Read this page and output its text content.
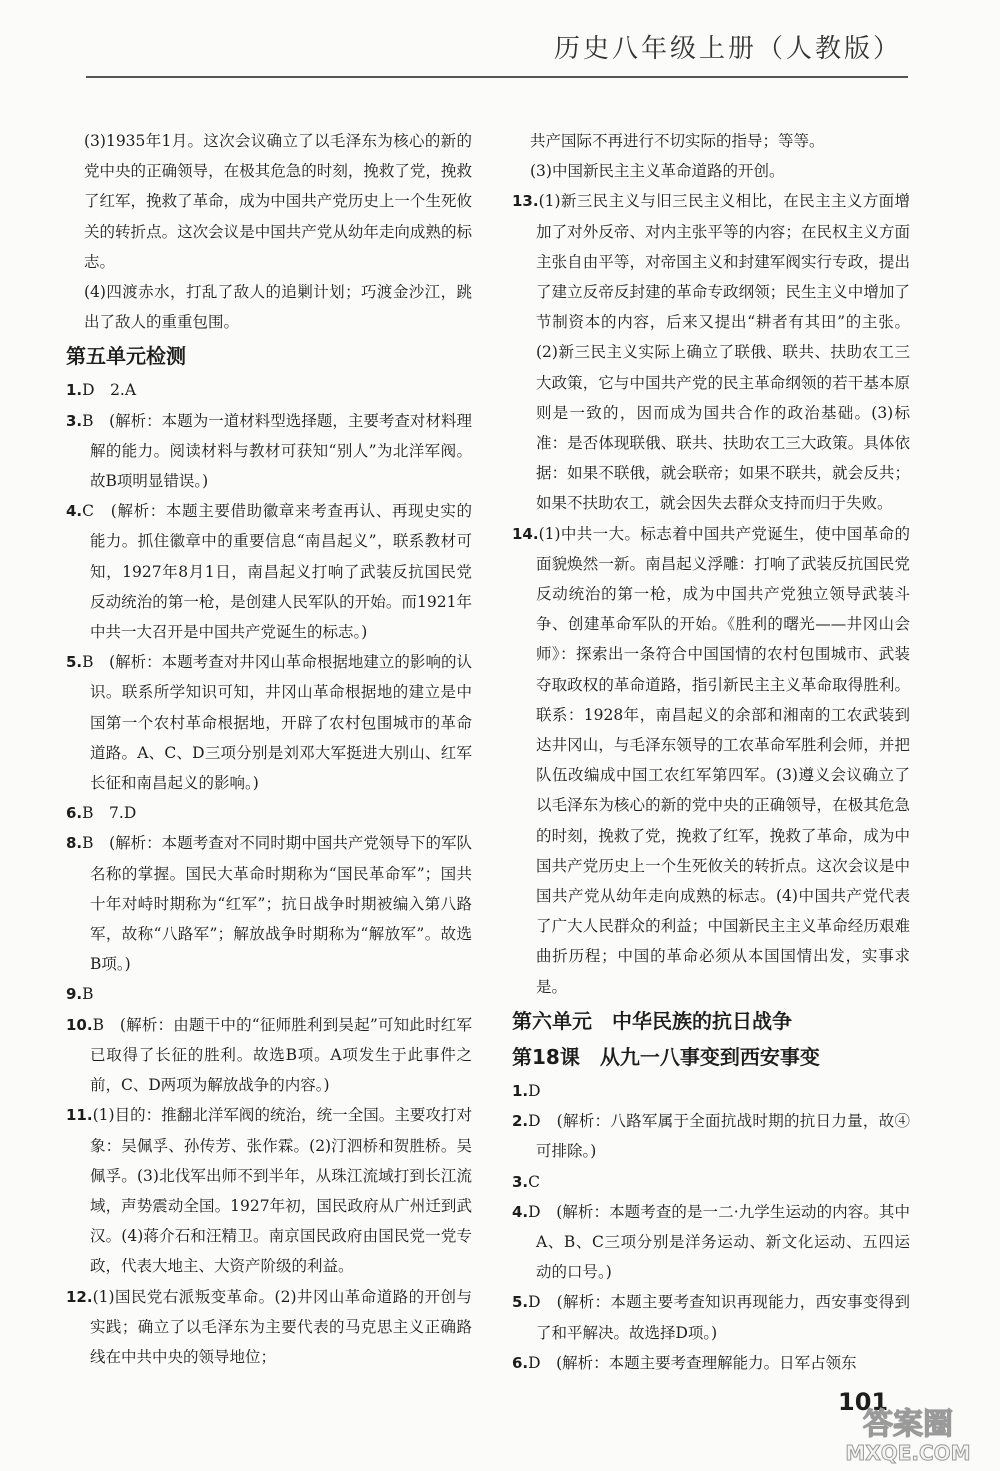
历史八年级上册（人教版）

(3)1935年1月。这次会议确立了以毛泽东为核心的新的党中央的正确领导，在极其危急的时刻，挽救了党，挽救了红军，挽救了革命，成为中国共产党历史上一个生死攸关的转折点。这次会议是中国共产党从幼年走向成熟的标志。

(4)四渡赤水，打乱了敌人的追剿计划；巧渡金沙江，跳出了敌人的重重包围。

第五单元检测

1.D　2.A

3.B　(解析：本题为一道材料型选择题，主要考查对材料理解的能力。阅读材料与教材可获知“别人”为北洋军阀。故B项明显错误。)

4.C　(解析：本题主要借助徽章来考查再认、再现史实的能力。抓住徽章中的重要信息“南昌起义”，联系教材可知，1927年8月1日，南昌起义打响了武装反抗国民党反动统治的第一枪，是创建人民军队的开始。而1921年中共一大召开是中国共产党诞生的标志。)

5.B　(解析：本题考查对井冈山革命根据地建立的影响的认识。联系所学知识可知，井冈山革命根据地的建立是中国第一个农村革命根据地，开辟了农村包围城市的革命道路。A、C、D三项分别是刘邓大军挺进大别山、红军长征和南昌起义的影响。)

6.B　7.D

8.B　(解析：本题考查对不同时期中国共产党领导下的军队名称的掌握。国民大革命时期称为“国民革命军”；国共十年对峙时期称为“红军”；抗日战争时期被编入第八路军，故称“八路军”；解放战争时期称为“解放军”。故选B项。)

9.B

10.B　(解析：由题干中的“征师胜利到吴起”可知此时红军已取得了长征的胜利。故选B项。A项发生于此事件之前，C、D两项为解放战争的内容。)

11.(1)目的：推翻北洋军阀的统治，统一全国。主要攻打对象：吴佩孚、孙传芳、张作霖。(2)汀泗桥和贺胜桥。吴佩孚。(3)北伐军出师不到半年，从珠江流域打到长江流域，声势震动全国。1927年初，国民政府从广州迁到武汉。(4)蒋介石和汪精卫。南京国民政府由国民党一党专政，代表大地主、大资产阶级的利益。

12.(1)国民党右派叛变革命。(2)井冈山革命道路的开创与实践；确立了以毛泽东为主要代表的马克思主义正确路线在中共中央的领导地位；

共产国际不再进行不切实际的指导；等等。

(3)中国新民主主义革命道路的开创。

13.(1)新三民主义与旧三民主义相比，在民主主义方面增加了对外反帝、对内主张平等的内容；在民权主义方面主张自由平等，对帝国主义和封建军阀实行专政，提出了建立反帝反封建的革命专政纲领；民生主义中增加了节制资本的内容，后来又提出“耕者有其田”的主张。(2)新三民主义实际上确立了联俄、联共、扶助农工三大政策，它与中国共产党的民主革命纲领的若干基本原则是一致的，因而成为国共合作的政治基础。(3)标准：是否体现联俄、联共、扶助农工三大政策。具体依据：如果不联俄，就会联帝；如果不联共，就会反共；如果不扶助农工，就会因失去群众支持而归于失败。

14.(1)中共一大。标志着中国共产党诞生，使中国革命的面貌焕然一新。南昌起义浮雕：打响了武装反抗国民党反动统治的第一枪，成为中国共产党独立领导武装斗争、创建革命军队的开始。《胜利的曙光——井冈山会师》：探索出一条符合中国国情的农村包围城市、武装夺取政权的革命道路，指引新民主主义革命取得胜利。联系：1928年，南昌起义的余部和湘南的工农武装到达井冈山，与毛泽东领导的工农革命军胜利会师，并把队伍改编成中国工农红军第四军。(3)遵义会议确立了以毛泽东为核心的新的党中央的正确领导，在极其危急的时刻，挽救了党，挽救了红军，挽救了革命，成为中国共产党历史上一个生死攸关的转折点。这次会议是中国共产党从幼年走向成熟的标志。(4)中国共产党代表了广大人民群众的利益；中国新民主主义革命经历艰难曲折历程；中国的革命必须从本国国情出发，实事求是。

第六单元　中华民族的抗日战争

第18课　从九一八事变到西安事变

1.D

2.D　(解析：八路军属于全面抗战时期的抗日力量，故④可排除。)

3.C

4.D　(解析：本题考查的是一二·九学生运动的内容。其中A、B、C三项分别是洋务运动、新文化运动、五四运动的口号。)

5.D　(解析：本题主要考查知识再现能力，西安事变得到了和平解决。故选择D项。)

6.D　(解析：本题主要考查理解能力。日军占领东

101
答案圈
MXQE.COM
